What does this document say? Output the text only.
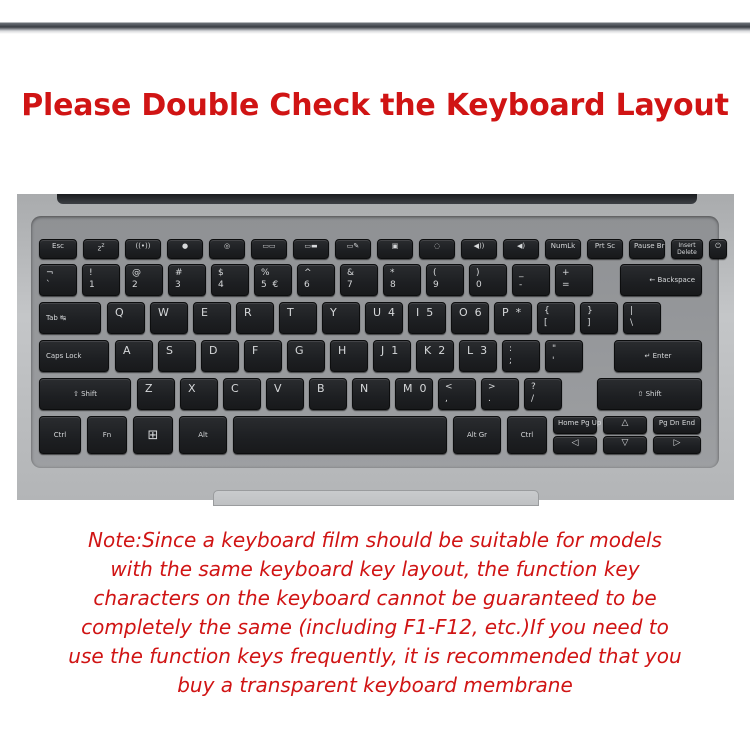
Please Double Check the Keyboard Layout
Esc	$z^z$	((•))	●	◎	▭▭	▭▬	▭✎	▣	◌	◀))	◀)	NumLk	Prt Sc	Pause Br	Insert
Delete
⏻
¬
`
!
1
@
2
#
3
$
4
%
5  €
^
6
&
7
*
8
(
9
)
0
_
-
+
=
← Backspace
Tab ↹	Q	W	E	R	T	Y	U  4	I  5	O  6	P  *	{
[
}
]
|
\
Caps Lock	A	S	D	F	G	H	J  1	K  2	L  3	:
;
"
'
↵ Enter
⇧ Shift	Z	X	C	V	B	N	M  0	<
,
>
.
?
/
⇧ Shift
Ctrl	Fn	⊞	Alt	Alt Gr	Ctrl
Home Pg Up	△	Pg Dn End
◁	▽	▷
Note:Since a keyboard film should be suitable for models
with the same keyboard key layout, the function key
characters on the keyboard cannot be guaranteed to be
completely the same (including F1-F12, etc.)If you need to
use the function keys frequently, it is recommended that you
buy a transparent keyboard membrane
